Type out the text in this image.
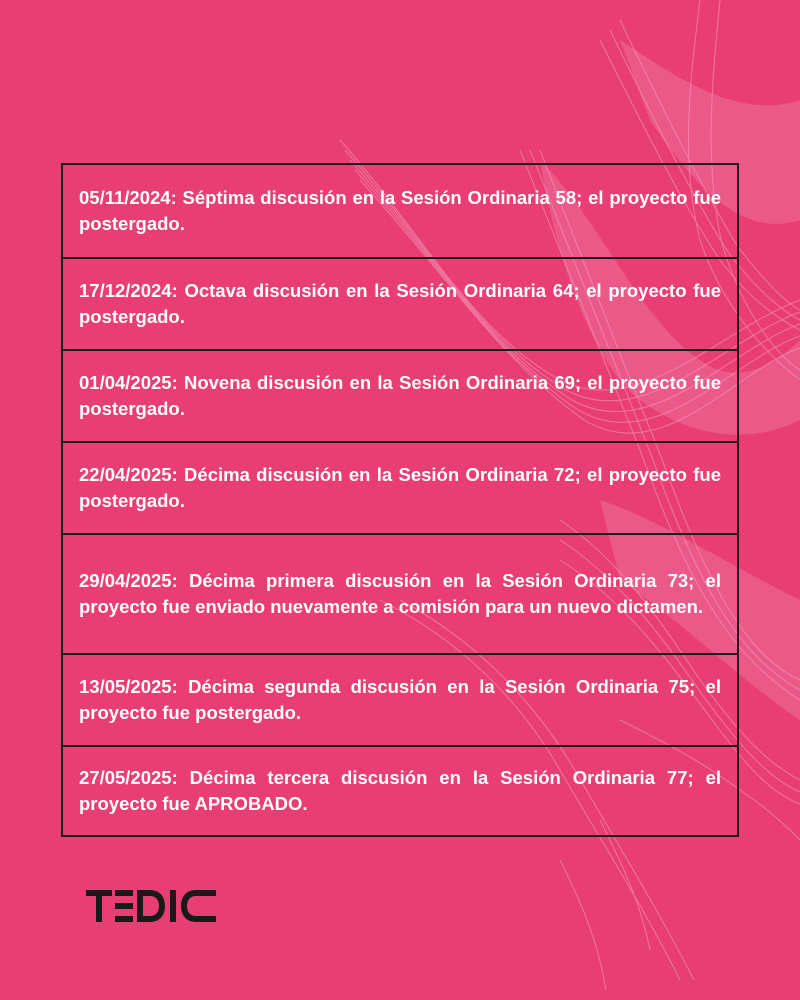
05/11/2024: Séptima discusión en la Sesión Ordinaria 58; el proyecto fue postergado.

17/12/2024: Octava discusión en la Sesión Ordinaria 64; el proyecto fue postergado.

01/04/2025: Novena discusión en la Sesión Ordinaria 69; el proyecto fue postergado.

22/04/2025: Décima discusión en la Sesión Ordinaria 72; el proyecto fue postergado.

29/04/2025: Décima primera discusión en la Sesión Ordinaria 73; el proyecto fue enviado nuevamente a comisión para un nuevo dictamen.

13/05/2025: Décima segunda discusión en la Sesión Ordinaria 75; el proyecto fue postergado.

27/05/2025: Décima tercera discusión en la Sesión Ordinaria 77; el proyecto fue APROBADO.
